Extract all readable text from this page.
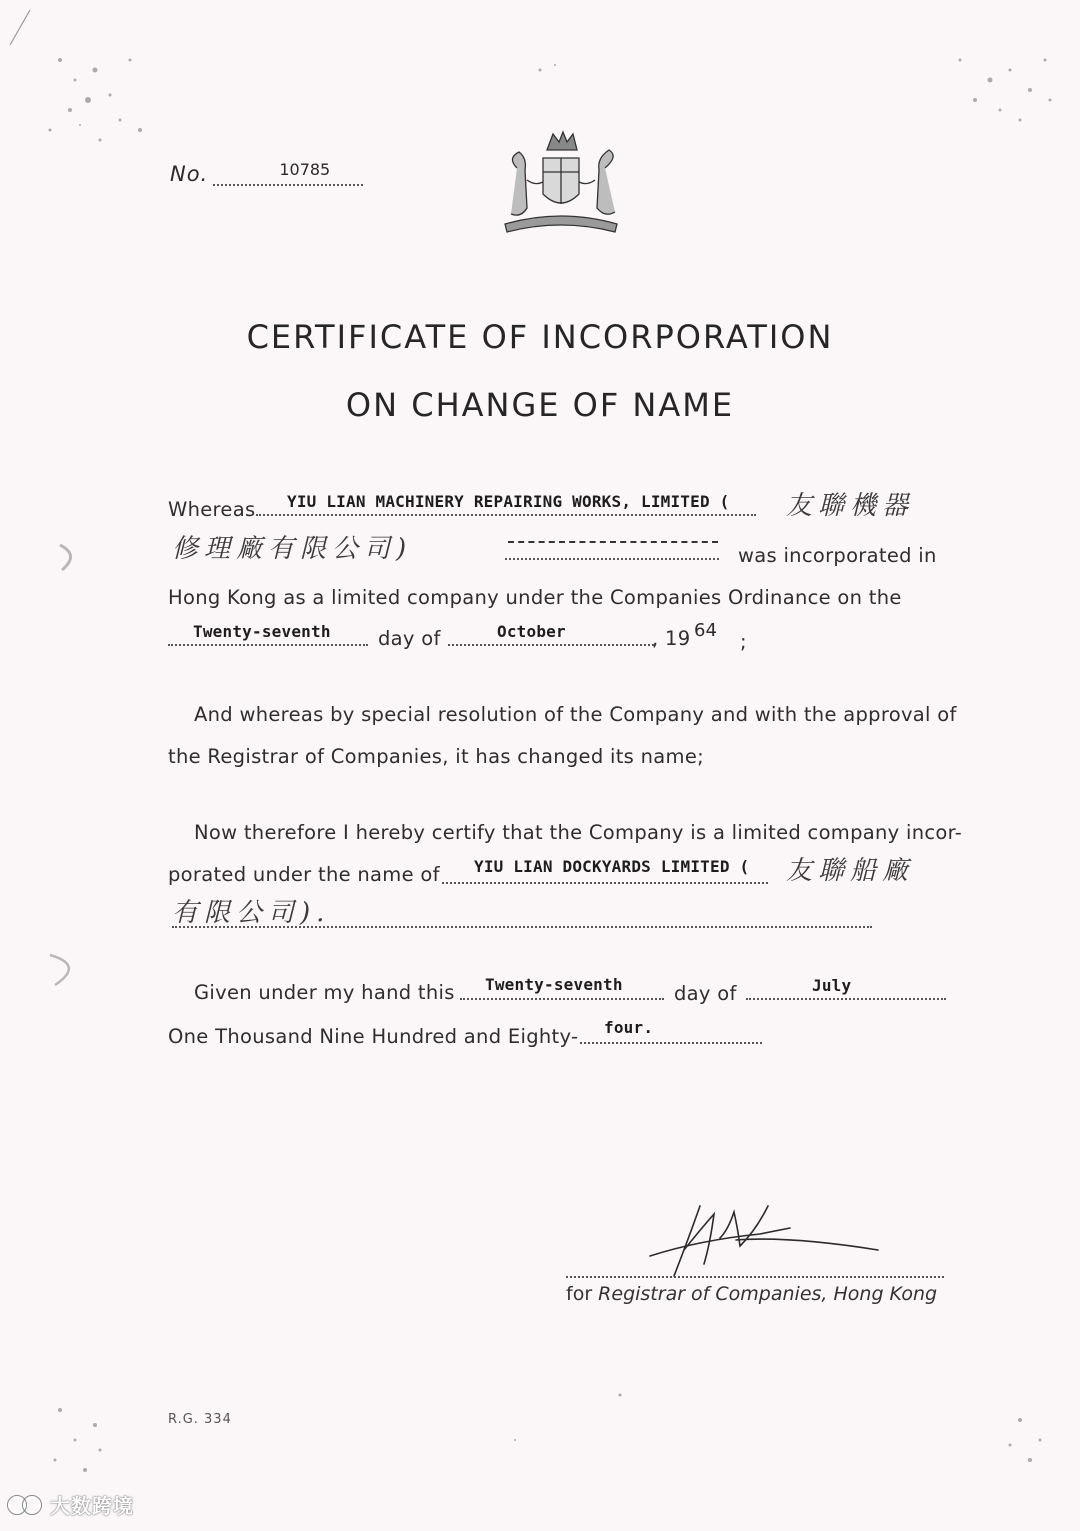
No.	10785
CERTIFICATE OF INCORPORATION
ON CHANGE OF NAME
Whereas YIU LIAN MACHINERY REPAIRING WORKS, LIMITED ( 友聯機器
修理廠有限公司)	was incorporated in
Hong Kong as a limited company under the Companies Ordinance on the
Twenty-seventh day of	October	, 19 64 ;
And whereas by special resolution of the Company and with the approval of
the Registrar of Companies, it has changed its name;
Now therefore I hereby certify that the Company is a limited company incor-
porated under the name of YIU LIAN DOCKYARDS LIMITED ( 友聯船廠
有限公司).
Given under my hand this Twenty-seventh	day of	July
One Thousand Nine Hundred and Eighty- four.
for Registrar of Companies, Hong Kong
R.G. 334
大数跨境
